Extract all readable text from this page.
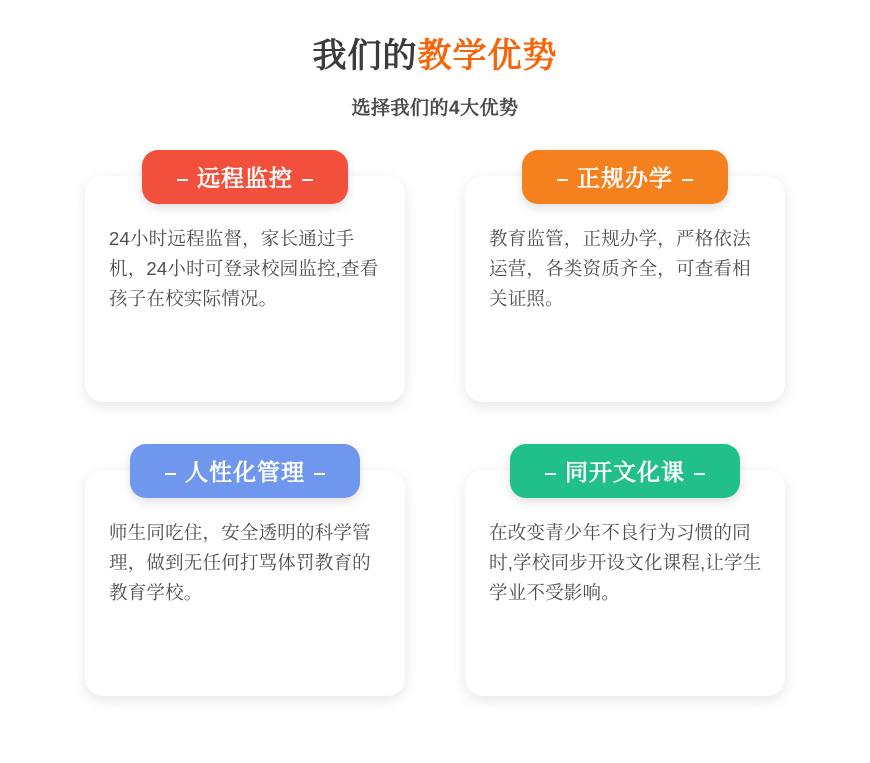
我们的教学优势
选择我们的4大优势
远程监控
24小时远程监督，家长通过手机，24小时可登录校园监控,查看孩子在校实际情况。
正规办学
教育监管，正规办学，严格依法运营，各类资质齐全，可查看相关证照。
人性化管理
师生同吃住，安全透明的科学管理，做到无任何打骂体罚教育的教育学校。
同开文化课
在改变青少年不良行为习惯的同时,学校同步开设文化课程,让学生学业不受影响。
